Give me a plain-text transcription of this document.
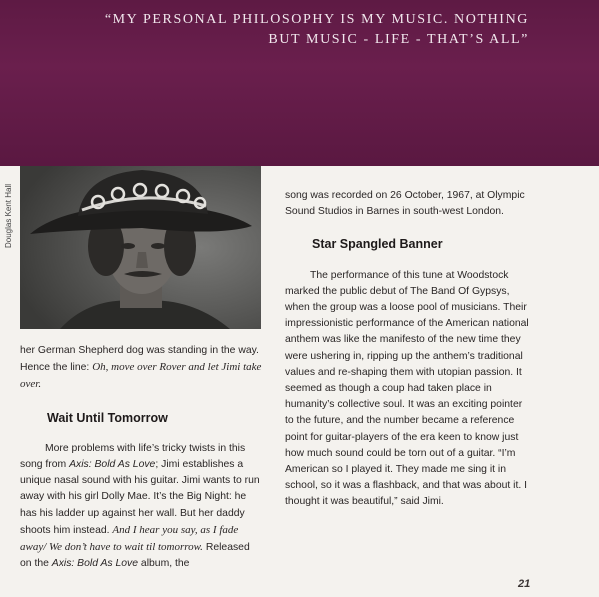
“MY PERSONAL PHILOSOPHY IS MY MUSIC. NOTHING
BUT MUSIC - LIFE - THAT’S ALL”

Douglas Kent Hall

her German Shepherd dog was standing in the way. Hence the line: Oh, move over Rover and let Jimi take over.

Wait Until Tomorrow

More problems with life’s tricky twists in this song from Axis: Bold As Love; Jimi establishes a unique nasal sound with his guitar. Jimi wants to run away with his girl Dolly Mae. It’s the Big Night: he has his ladder up against her wall. But her daddy shoots him instead. And I hear you say, as I fade away/ We don’t have to wait til tomorrow. Released on the Axis: Bold As Love album, the

song was recorded on 26 October, 1967, at Olympic Sound Studios in Barnes in south-west London.

Star Spangled Banner

The performance of this tune at Woodstock marked the public debut of The Band Of Gypsys, when the group was a loose pool of musicians. Their impressionistic performance of the American national anthem was like the manifesto of the new time they were ushering in, ripping up the anthem’s traditional values and re-shaping them with utopian passion. It seemed as though a coup had taken place in humanity’s collective soul. It was an exciting pointer to the future, and the number became a reference point for guitar-players of the era keen to know just how much sound could be torn out of a guitar. “I’m American so I played it. They made me sing it in school, so it was a flashback, and that was about it. I thought it was beautiful,” said Jimi.

21
